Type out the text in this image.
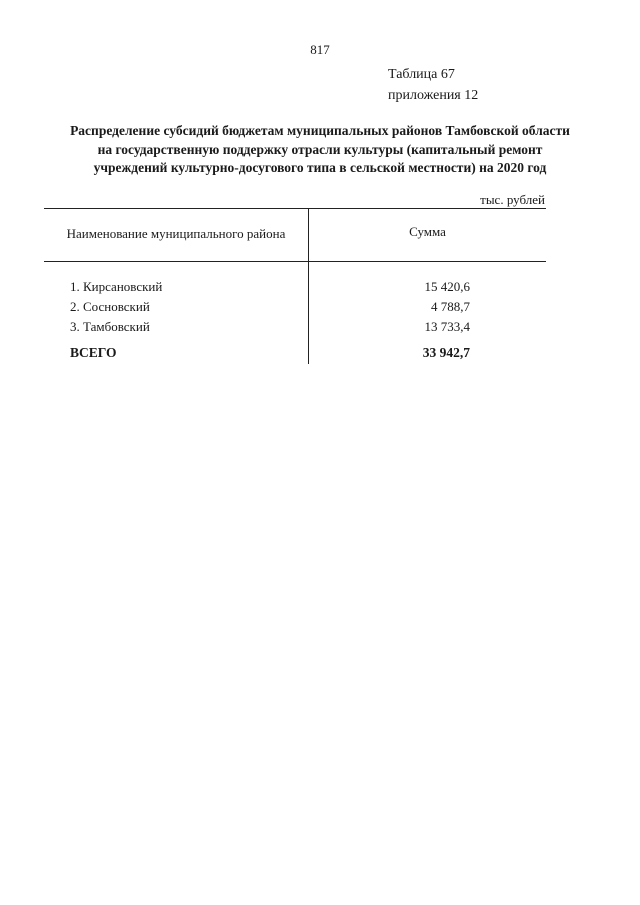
817
Таблица 67
приложения 12
Распределение субсидий бюджетам муниципальных районов Тамбовской области
на государственную поддержку отрасли культуры (капитальный ремонт
учреждений культурно-досугового типа в сельской местности) на 2020 год
тыс. рублей
Наименование муниципального района	Сумма
1. Кирсановский	15 420,6
2. Сосновский	4 788,7
3. Тамбовский	13 733,4
ВСЕГО	33 942,7
